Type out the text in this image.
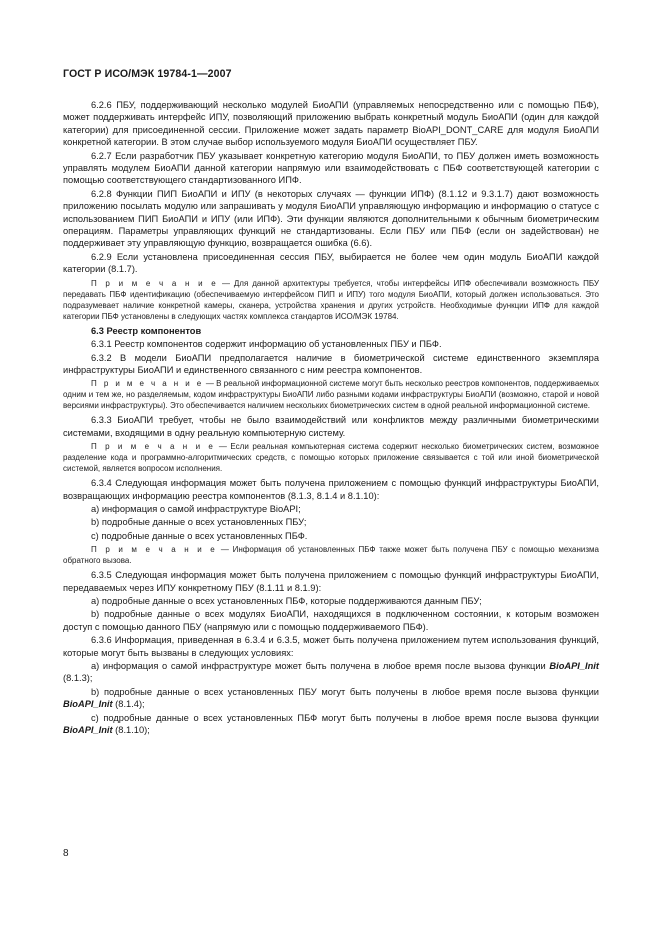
ГОСТ Р ИСО/МЭК 19784-1—2007

6.2.6 ПБУ, поддерживающий несколько модулей БиоАПИ (управляемых непосредственно или с помощью ПБФ), может поддерживать интерфейс ИПУ, позволяющий приложению выбрать конкретный модуль БиоАПИ (один для каждой категории) для присоединенной сессии. Приложение может задать параметр BioAPI_DONT_CARE для модуля БиоАПИ конкретной категории. В этом случае выбор используемого модуля БиоАПИ осуществляет ПБУ.

6.2.7 Если разработчик ПБУ указывает конкретную категорию модуля БиоАПИ, то ПБУ должен иметь возможность управлять модулем БиоАПИ данной категории напрямую или взаимодействовать с ПБФ соответствующей категории с помощью соответствующего стандартизованного ИПФ.

6.2.8 Функции ПИП БиоАПИ и ИПУ (в некоторых случаях — функции ИПФ) (8.1.12 и 9.3.1.7) дают возможность приложению посылать модулю или запрашивать у модуля БиоАПИ управляющую информацию и информацию о статусе с использованием ПИП БиоАПИ и ИПУ (или ИПФ). Эти функции являются дополнительными к обычным биометрическим операциям. Параметры управляющих функций не стандартизованы. Если ПБУ или ПБФ (если он задействован) не поддерживает эту управляющую функцию, возвращается ошибка (6.6).

6.2.9 Если установлена присоединенная сессия ПБУ, выбирается не более чем один модуль БиоАПИ каждой категории (8.1.7).

П р и м е ч а н и е — Для данной архитектуры требуется, чтобы интерфейсы ИПФ обеспечивали возможность ПБУ передавать ПБФ идентификацию (обеспечиваемую интерфейсом ПИП и ИПУ) того модуля БиоАПИ, который должен использоваться. Это подразумевает наличие конкретной камеры, сканера, устройства хранения и других устройств. Необходимые функции ИПФ для каждой категории ПБФ установлены в следующих частях комплекса стандартов ИСО/МЭК 19784.

6.3 Реестр компонентов

6.3.1 Реестр компонентов содержит информацию об установленных ПБУ и ПБФ.

6.3.2 В модели БиоАПИ предполагается наличие в биометрической системе единственного экземпляра инфраструктуры БиоАПИ и единственного связанного с ним реестра компонентов.

П р и м е ч а н и е — В реальной информационной системе могут быть несколько реестров компонентов, поддерживаемых одним и тем же, но разделяемым, кодом инфраструктуры БиоАПИ либо разными кодами инфраструктуры БиоАПИ (возможно, старой и новой версиями инфраструктуры). Это обеспечивается наличием нескольких биометрических систем в одной реальной информационной системе.

6.3.3 БиоАПИ требует, чтобы не было взаимодействий или конфликтов между различными биометрическими системами, входящими в одну реальную компьютерную систему.

П р и м е ч а н и е — Если реальная компьютерная система содержит несколько биометрических систем, возможное разделение кода и программно-алгоритмических средств, с помощью которых приложение связывается с той или иной биометрической системой, является вопросом исполнения.

6.3.4 Следующая информация может быть получена приложением с помощью функций инфраструктуры БиоАПИ, возвращающих информацию реестра компонентов (8.1.3, 8.1.4 и 8.1.10):

a) информация о самой инфраструктуре BioAPI;

b) подробные данные о всех установленных ПБУ;

c) подробные данные о всех установленных ПБФ.

П р и м е ч а н и е — Информация об установленных ПБФ также может быть получена ПБУ с помощью механизма обратного вызова.

6.3.5 Следующая информация может быть получена приложением с помощью функций инфраструктуры БиоАПИ, передаваемых через ИПУ конкретному ПБУ (8.1.11 и 8.1.9):

a) подробные данные о всех установленных ПБФ, которые поддерживаются данным ПБУ;

b) подробные данные о всех модулях БиоАПИ, находящихся в подключенном состоянии, к которым возможен доступ с помощью данного ПБУ (напрямую или с помощью поддерживаемого ПБФ).

6.3.6 Информация, приведенная в 6.3.4 и 6.3.5, может быть получена приложением путем использования функций, которые могут быть вызваны в следующих условиях:

a) информация о самой инфраструктуре может быть получена в любое время после вызова функции BioAPI_Init (8.1.3);

b) подробные данные о всех установленных ПБУ могут быть получены в любое время после вызова функции BioAPI_Init (8.1.4);

c) подробные данные о всех установленных ПБФ могут быть получены в любое время после вызова функции BioAPI_Init (8.1.10);

8
